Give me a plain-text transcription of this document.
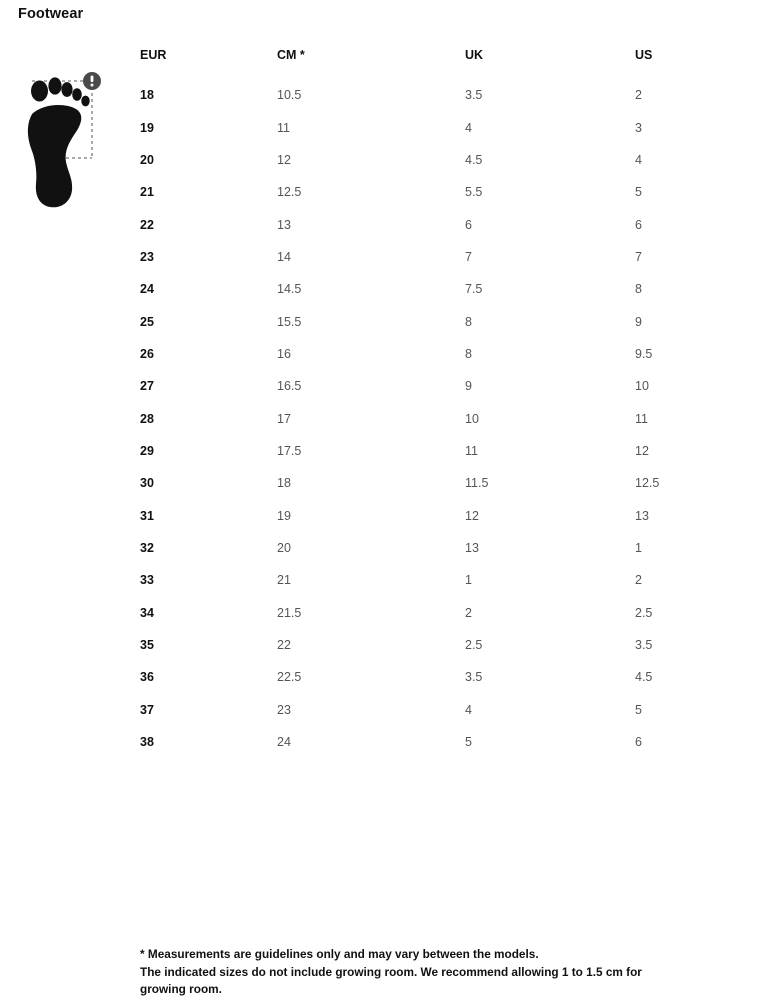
Footwear
EUR	CM *	UK	US
18	10.5	3.5	2
19	11	4	3
20	12	4.5	4
21	12.5	5.5	5
22	13	6	6
23	14	7	7
24	14.5	7.5	8
25	15.5	8	9
26	16	8	9.5
27	16.5	9	10
28	17	10	11
29	17.5	11	12
30	18	11.5	12.5
31	19	12	13
32	20	13	1
33	21	1	2
34	21.5	2	2.5
35	22	2.5	3.5
36	22.5	3.5	4.5
37	23	4	5
38	24	5	6
* Measurements are guidelines only and may vary between the models.
The indicated sizes do not include growing room. We recommend allowing 1 to 1.5 cm for
growing room.
